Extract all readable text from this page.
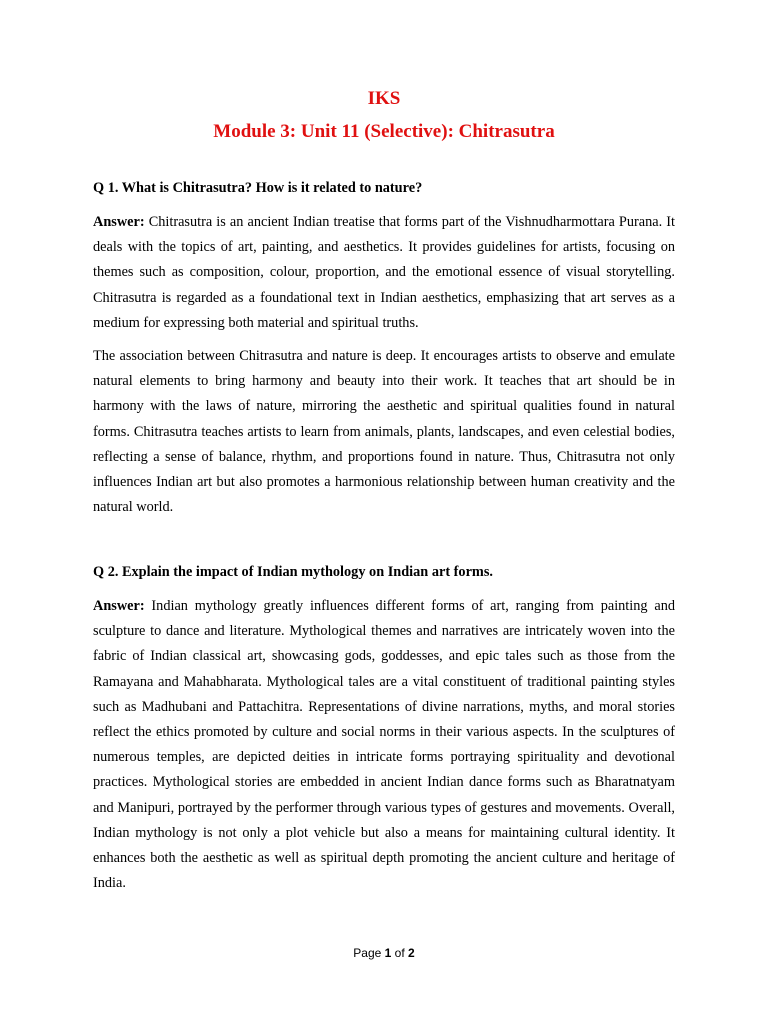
IKS

Module 3: Unit 11 (Selective): Chitrasutra

Q 1. What is Chitrasutra? How is it related to nature?

Answer: Chitrasutra is an ancient Indian treatise that forms part of the Vishnudharmottara Purana. It deals with the topics of art, painting, and aesthetics. It provides guidelines for artists, focusing on themes such as composition, colour, proportion, and the emotional essence of visual storytelling. Chitrasutra is regarded as a foundational text in Indian aesthetics, emphasizing that art serves as a medium for expressing both material and spiritual truths.

The association between Chitrasutra and nature is deep. It encourages artists to observe and emulate natural elements to bring harmony and beauty into their work. It teaches that art should be in harmony with the laws of nature, mirroring the aesthetic and spiritual qualities found in natural forms. Chitrasutra teaches artists to learn from animals, plants, landscapes, and even celestial bodies, reflecting a sense of balance, rhythm, and proportions found in nature. Thus, Chitrasutra not only influences Indian art but also promotes a harmonious relationship between human creativity and the natural world.

Q 2. Explain the impact of Indian mythology on Indian art forms.

Answer: Indian mythology greatly influences different forms of art, ranging from painting and sculpture to dance and literature. Mythological themes and narratives are intricately woven into the fabric of Indian classical art, showcasing gods, goddesses, and epic tales such as those from the Ramayana and Mahabharata. Mythological tales are a vital constituent of traditional painting styles such as Madhubani and Pattachitra. Representations of divine narrations, myths, and moral stories reflect the ethics promoted by culture and social norms in their various aspects. In the sculptures of numerous temples, are depicted deities in intricate forms portraying spirituality and devotional practices. Mythological stories are embedded in ancient Indian dance forms such as Bharatnatyam and Manipuri, portrayed by the performer through various types of gestures and movements. Overall, Indian mythology is not only a plot vehicle but also a means for maintaining cultural identity. It enhances both the aesthetic as well as spiritual depth promoting the ancient culture and heritage of India.

Page 1 of 2
